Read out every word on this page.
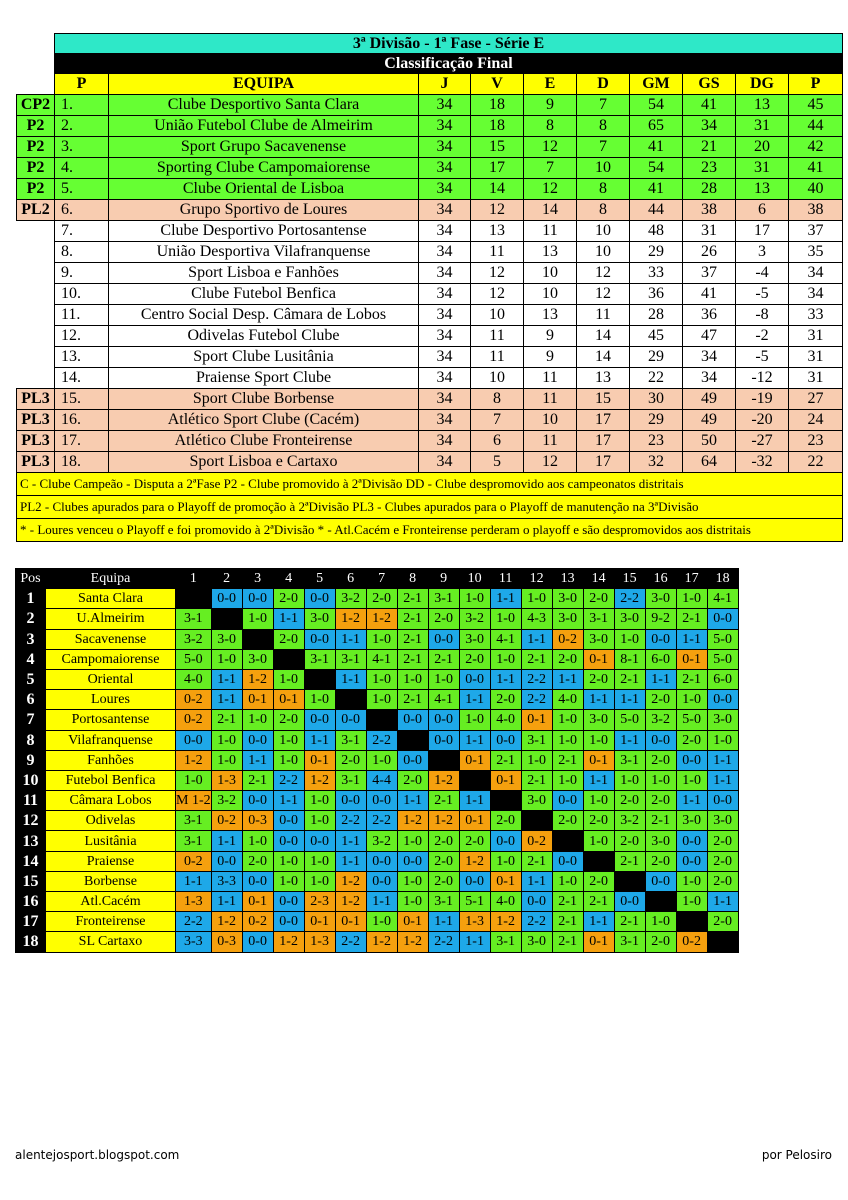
	3ª Divisão - 1ª Fase - Série E									
	Classificação Final									
	P	EQUIPA	J	V	E	D	GM	GS	DG	P
CP2	1.	Clube Desportivo Santa Clara	34	18	9	7	54	41	13	45
P2	2.	União Futebol Clube de Almeirim	34	18	8	8	65	34	31	44
P2	3.	Sport Grupo Sacavenense	34	15	12	7	41	21	20	42
P2	4.	Sporting Clube Campomaiorense	34	17	7	10	54	23	31	41
P2	5.	Clube Oriental de Lisboa	34	14	12	8	41	28	13	40
PL2	6.	Grupo Sportivo de Loures	34	12	14	8	44	38	6	38
	7.	Clube Desportivo Portosantense	34	13	11	10	48	31	17	37
	8.	União Desportiva Vilafranquense	34	11	13	10	29	26	3	35
	9.	Sport Lisboa e Fanhões	34	12	10	12	33	37	-4	34
	10.	Clube Futebol Benfica	34	12	10	12	36	41	-5	34
	11.	Centro Social Desp. Câmara de Lobos	34	10	13	11	28	36	-8	33
	12.	Odivelas Futebol Clube	34	11	9	14	45	47	-2	31
	13.	Sport Clube Lusitânia	34	11	9	14	29	34	-5	31
	14.	Praiense Sport Clube	34	10	11	13	22	34	-12	31
PL3	15.	Sport Clube Borbense	34	8	11	15	30	49	-19	27
PL3	16.	Atlético Sport Clube (Cacém)	34	7	10	17	29	49	-20	24
PL3	17.	Atlético Clube Fronteirense	34	6	11	17	23	50	-27	23
PL3	18.	Sport Lisboa e Cartaxo	34	5	12	17	32	64	-32	22
C - Clube Campeão - Disputa a 2ªFase P2 - Clube promovido à 2ªDivisão DD - Clube despromovido aos campeonatos distritais										
PL2 - Clubes apurados para o Playoff de promoção à 2ªDivisão PL3 - Clubes apurados para o Playoff de manutenção na 3ªDivisão										
* - Loures venceu o Playoff e foi promovido à 2ªDivisão * - Atl.Cacém e Fronteirense perderam o playoff e são despromovidos aos distritais										
Pos	Equipa	1	2	3	4	5	6	7	8	9	10	11	12	13	14	15	16	17	18
1	Santa Clara		0-0	0-0	2-0	0-0	3-2	2-0	2-1	3-1	1-0	1-1	1-0	3-0	2-0	2-2	3-0	1-0	4-1
2	U.Almeirim	3-1		1-0	1-1	3-0	1-2	1-2	2-1	2-0	3-2	1-0	4-3	3-0	3-1	3-0	9-2	2-1	0-0
3	Sacavenense	3-2	3-0		2-0	0-0	1-1	1-0	2-1	0-0	3-0	4-1	1-1	0-2	3-0	1-0	0-0	1-1	5-0
4	Campomaiorense	5-0	1-0	3-0		3-1	3-1	4-1	2-1	2-1	2-0	1-0	2-1	2-0	0-1	8-1	6-0	0-1	5-0
5	Oriental	4-0	1-1	1-2	1-0		1-1	1-0	1-0	1-0	0-0	1-1	2-2	1-1	2-0	2-1	1-1	2-1	6-0
6	Loures	0-2	1-1	0-1	0-1	1-0		1-0	2-1	4-1	1-1	2-0	2-2	4-0	1-1	1-1	2-0	1-0	0-0
7	Portosantense	0-2	2-1	1-0	2-0	0-0	0-0		0-0	0-0	1-0	4-0	0-1	1-0	3-0	5-0	3-2	5-0	3-0
8	Vilafranquense	0-0	1-0	0-0	1-0	1-1	3-1	2-2		0-0	1-1	0-0	3-1	1-0	1-0	1-1	0-0	2-0	1-0
9	Fanhões	1-2	1-0	1-1	1-0	0-1	2-0	1-0	0-0		0-1	2-1	1-0	2-1	0-1	3-1	2-0	0-0	1-1
10	Futebol Benfica	1-0	1-3	2-1	2-2	1-2	3-1	4-4	2-0	1-2		0-1	2-1	1-0	1-1	1-0	1-0	1-0	1-1
11	Câmara Lobos	M 1-2	3-2	0-0	1-1	1-0	0-0	0-0	1-1	2-1	1-1		3-0	0-0	1-0	2-0	2-0	1-1	0-0
12	Odivelas	3-1	0-2	0-3	0-0	1-0	2-2	2-2	1-2	1-2	0-1	2-0		2-0	2-0	3-2	2-1	3-0	3-0
13	Lusitânia	3-1	1-1	1-0	0-0	0-0	1-1	3-2	1-0	2-0	2-0	0-0	0-2		1-0	2-0	3-0	0-0	2-0
14	Praiense	0-2	0-0	2-0	1-0	1-0	1-1	0-0	0-0	2-0	1-2	1-0	2-1	0-0		2-1	2-0	0-0	2-0
15	Borbense	1-1	3-3	0-0	1-0	1-0	1-2	0-0	1-0	2-0	0-0	0-1	1-1	1-0	2-0		0-0	1-0	2-0
16	Atl.Cacém	1-3	1-1	0-1	0-0	2-3	1-2	1-1	1-0	3-1	5-1	4-0	0-0	2-1	2-1	0-0		1-0	1-1
17	Fronteirense	2-2	1-2	0-2	0-0	0-1	0-1	1-0	0-1	1-1	1-3	1-2	2-2	2-1	1-1	2-1	1-0		2-0
18	SL Cartaxo	3-3	0-3	0-0	1-2	1-3	2-2	1-2	1-2	2-2	1-1	3-1	3-0	2-1	0-1	3-1	2-0	0-2	
alentejosport.blogspot.com	por Pelosiro
